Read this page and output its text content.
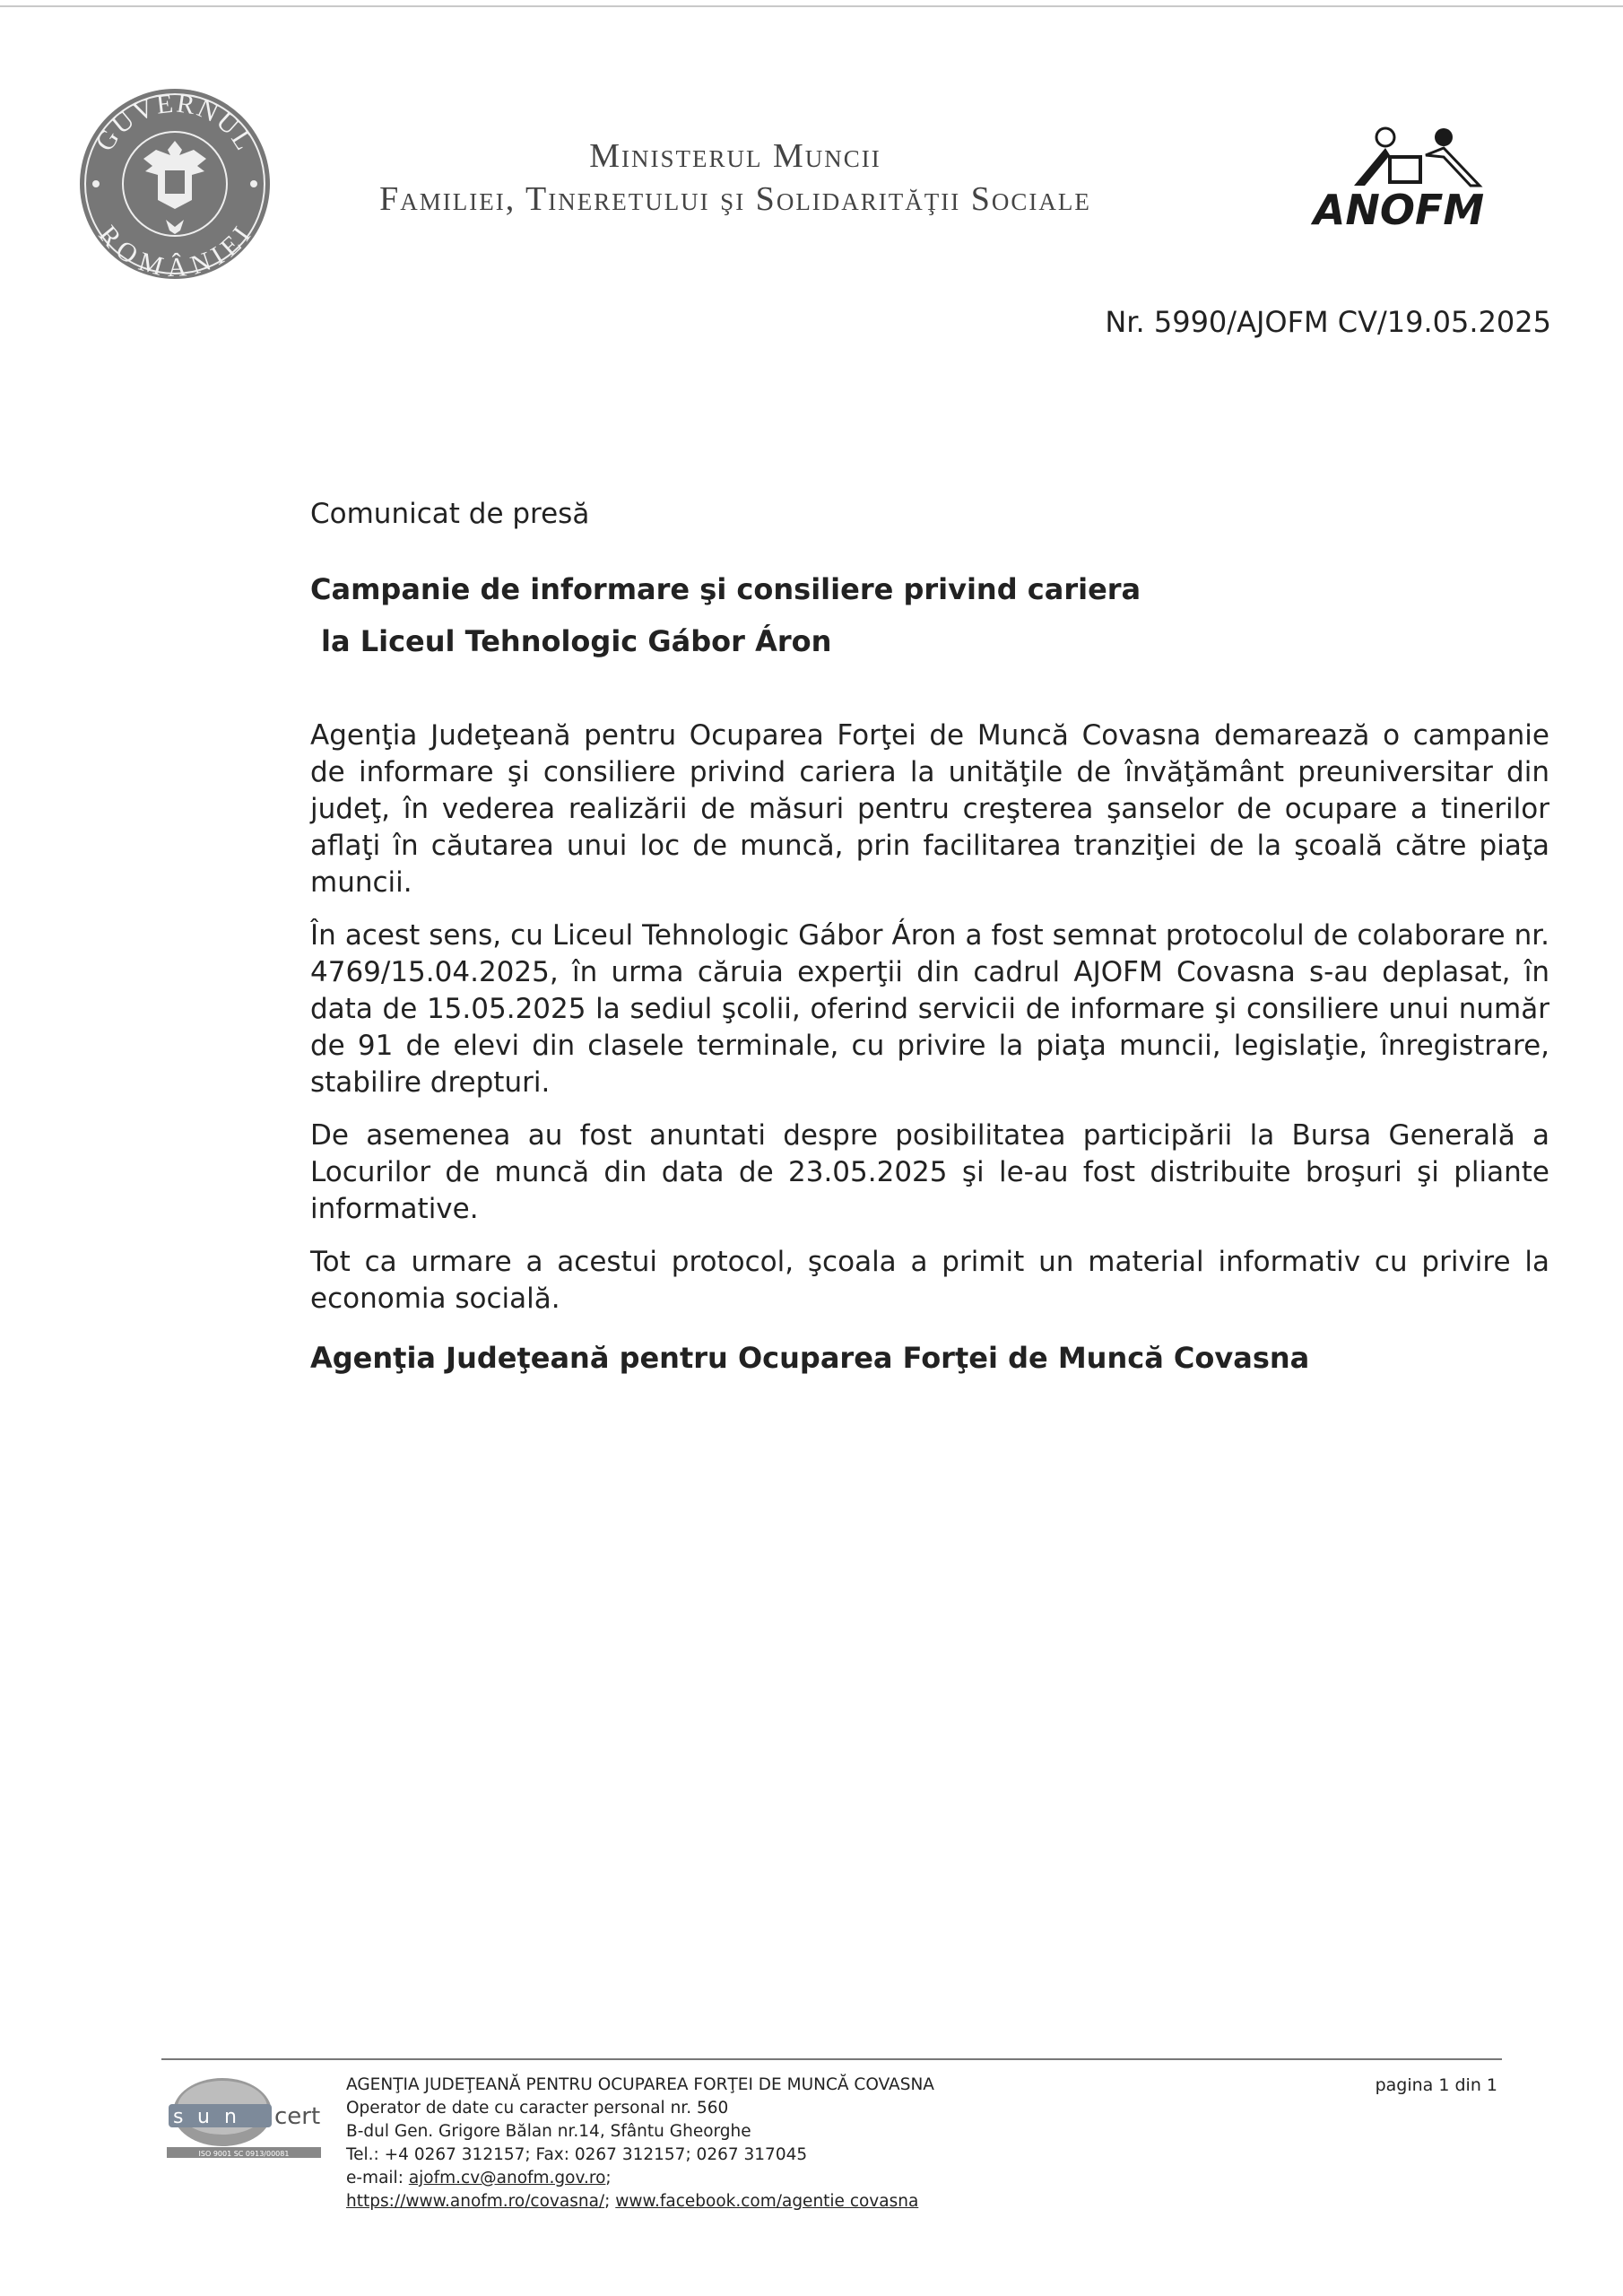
GUVERNUL
ROMÂNIEI
Ministerul Muncii
Familiei, Tineretului şi Solidarităţii Sociale	ANOFM
Nr. 5990/AJOFM CV/19.05.2025
Comunicat de presă
Campanie de informare şi consiliere privind cariera
la Liceul Tehnologic Gábor Áron

Agenţia Judeţeană pentru Ocuparea Forţei de Muncă Covasna demarează o campanie de informare şi consiliere privind cariera la unităţile de învăţământ preuniversitar din judeţ, în vederea realizării de măsuri pentru creşterea şanselor de ocupare a tinerilor aflaţi în căutarea unui loc de muncă, prin facilitarea tranziţiei de la şcoală către piaţa muncii.

În acest sens, cu Liceul Tehnologic Gábor Áron a fost semnat protocolul de colaborare nr. 4769/15.04.2025, în urma căruia experţii din cadrul AJOFM Covasna s-au deplasat, în data de 15.05.2025 la sediul şcolii, oferind servicii de informare şi consiliere unui număr de 91 de elevi din clasele terminale, cu privire la piaţa muncii, legislaţie, înregistrare, stabilire drepturi.

De asemenea au fost anuntati despre posibilitatea participării la Bursa Generală a Locurilor de muncă din data de 23.05.2025 şi le-au fost distribuite broşuri şi pliante informative.

Tot ca urmare a acestui protocol, şcoala a primit un material informativ cu privire la economia socială.

Agenţia Judeţeană pentru Ocuparea Forţei de Muncă Covasna
s u n cert
ISO 9001 SC 0913/00081
AGENŢIA JUDEŢEANĂ PENTRU OCUPAREA FORŢEI DE MUNCĂ COVASNA
Operator de date cu caracter personal nr. 560
B-dul Gen. Grigore Bălan nr.14, Sfântu Gheorghe
Tel.: +4 0267 312157; Fax: 0267 312157; 0267 317045
e-mail: ajofm.cv@anofm.gov.ro;
https://www.anofm.ro/covasna/; www.facebook.com/agentie covasna
pagina 1 din 1
